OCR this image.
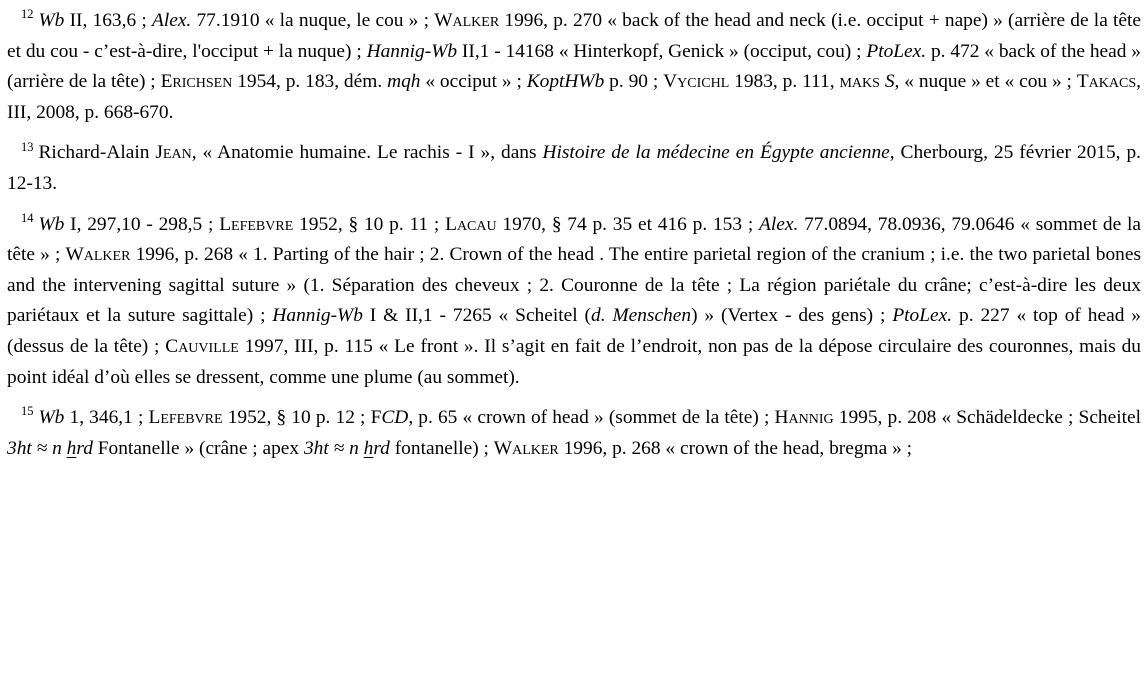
$^{12}$ Wb II, 163,6 ; Alex. 77.1910 « la nuque, le cou » ; Walker 1996, p. 270 « back of the head and neck (i.e. occiput + nape) » (arrière de la tête et du cou - c’est-à-dire, l'occiput + la nuque) ; Hannig-Wb II,1 - 14168 « Hinterkopf, Genick » (occiput, cou) ; PtoLex. p. 472 « back of the head » (arrière de la tête) ; Erichsen 1954, p. 183, dém. mqh « occiput » ; KoptHWb p. 90 ; Vycichl 1983, p. 111, maks S, « nuque » et « cou » ; Takacs, III, 2008, p. 668-670.

$^{13}$ Richard-Alain Jean, « Anatomie humaine. Le rachis - I », dans Histoire de la médecine en Égypte ancienne, Cherbourg, 25 février 2015, p. 12-13.

$^{14}$ Wb I, 297,10 - 298,5 ; Lefebvre 1952, § 10 p. 11 ; Lacau 1970, § 74 p. 35 et 416 p. 153 ; Alex. 77.0894, 78.0936, 79.0646 « sommet de la tête » ; Walker 1996, p. 268 « 1. Parting of the hair ; 2. Crown of the head . The entire parietal region of the cranium ; i.e. the two parietal bones and the intervening sagittal suture » (1. Séparation des cheveux ; 2. Couronne de la tête ; La région pariétale du crâne; c’est-à-dire les deux pariétaux et la suture sagittale) ; Hannig-Wb I & II,1 - 7265 « Scheitel (d. Menschen) » (Vertex - des gens) ; PtoLex. p. 227 « top of head » (dessus de la tête) ; Cauville 1997, III, p. 115 « Le front ». Il s’agit en fait de l’endroit, non pas de la dépose circulaire des couronnes, mais du point idéal d’où elles se dressent, comme une plume (au sommet).

$^{15}$ Wb 1, 346,1 ; Lefebvre 1952, § 10 p. 12 ; FCD, p. 65 « crown of head » (sommet de la tête) ; Hannig 1995, p. 208 « Schädeldecke ; Scheitel 3ht ≈ n hrd Fontanelle » (crâne ; apex 3ht ≈ n hrd fontanelle) ; Walker 1996, p. 268 « crown of the head, bregma » ;
